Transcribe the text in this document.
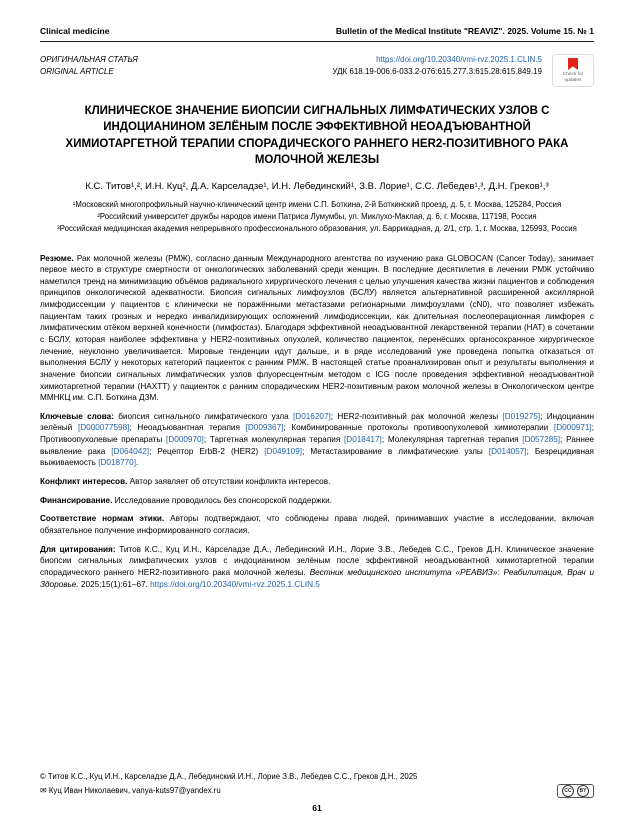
Clinical medicine	Bulletin of the Medical Institute "REAVIZ". 2025. Volume 15. № 1
ОРИГИНАЛЬНАЯ СТАТЬЯ
ORIGINAL ARTICLE
https://doi.org/10.20340/vmi-rvz.2025.1.CLIN.5
УДК 618.19-006.6-033.2-076:615.277.3:615.28:615.849.19	Check for updates
КЛИНИЧЕСКОЕ ЗНАЧЕНИЕ БИОПСИИ СИГНАЛЬНЫХ ЛИМФАТИЧЕСКИХ УЗЛОВ С ИНДОЦИАНИНОМ ЗЕЛЁНЫМ ПОСЛЕ ЭФФЕКТИВНОЙ НЕОАДЪЮВАНТНОЙ ХИМИОТАРГЕТНОЙ ТЕРАПИИ СПОРАДИЧЕСКОГО РАННЕГО HER2-ПОЗИТИВНОГО РАКА МОЛОЧНОЙ ЖЕЛЕЗЫ
К.С. Титов¹,², И.Н. Куц², Д.А. Карселадзе¹, И.Н. Лебединский¹, З.В. Лорие¹, С.С. Лебедев¹,³, Д.Н. Греков¹,³
¹Московский многопрофильный научно-клинический центр имени С.П. Боткина, 2-й Боткинский проезд, д. 5, г. Москва, 125284, Россия
²Российский университет дружбы народов имени Патриса Лумумбы, ул. Миклухо-Маклая, д. 6, г. Москва, 117198, Россия
³Российская медицинская академия непрерывного профессионального образования, ул. Баррикадная, д. 2/1, стр. 1, г. Москва, 125993, Россия

Резюме. Рак молочной железы (РМЖ), согласно данным Международного агентства по изучению рака GLOBOCAN (Cancer Today), занимает первое место в структуре смертности от онкологических заболеваний среди женщин. В последние десятилетия в лечении РМЖ устойчиво наметился тренд на минимизацию объёмов радикального хирургического лечения с целью улучшения качества жизни пациентов и соблюдения принципов онкологической адекватности. Биопсия сигнальных лимфоузлов (БСЛУ) является альтернативной расширенной аксиллярной лимфодиссекции у пациентов с клинически не поражёнными метастазами регионарными лимфоузлами (cN0), что позволяет избежать пациентам таких грозных и нередко инвалидизирующих осложнений лимфодиссекции, как длительная послеоперационная лимфорея с лимфатическим отёком верхней конечности (лимфостаз). Благодаря эффективной неоадъювантной лекарственной терапии (НАТ) в сочетании с БСЛУ, которая наиболее эффективна у HER2-позитивных опухолей, количество пациенток, перенёсших органосохранное хирургическое лечение, неуклонно увеличивается. Мировые тенденции идут дальше, и в ряде исследований уже проведена попытка отказаться от выполнения БСЛУ у некоторых категорий пациенток с ранним РМЖ. В настоящей статье проанализирован опыт и результаты выполнения и значение биопсии сигнальных лимфатических узлов флуоресцентным методом с ICG после проведения эффективной неоадъювантной химиотаргетной терапии (НАХТТ) у пациенток с ранним спорадическим HER2-позитивным раком молочной железы в Онкологическом центре ММНКЦ им. С.П. Боткина ДЗМ.

Ключевые слова: биопсия сигнального лимфатического узла [D016207]; HER2-позитивный рак молочной железы [D019275]; Индоцианин зелёный [D000077598]; Неоадъювантная терапия [D009367]; Комбинированные протоколы противоопухолевой химиотерапии [D000971]; Противоопухолевые препараты [D000970]; Таргетная молекулярная терапия [D018417]; Молекулярная таргетная терапия [D057285]; Раннее выявление рака [D064042]; Рецептор ErbB-2 (HER2) [D049109]; Метастазирование в лимфатические узлы [D014057]; Безрецидивная выживаемость [D018770].

Конфликт интересов. Автор заявляет об отсутствии конфликта интересов.

Финансирование. Исследование проводилось без спонсорской поддержки.

Соответствие нормам этики. Авторы подтверждают, что соблюдены права людей, принимавших участие в исследовании, включая обязательное получение информированного согласия.

Для цитирования: Титов К.С., Куц И.Н., Карселадзе Д.А., Лебединский И.Н., Лорие З.В., Лебедев С.С., Греков Д.Н. Клиническое значение биопсии сигнальных лимфатических узлов с индоцианином зелёным после эффективной неоадъювантной химиотаргетной терапии спорадического раннего HER2-позитивного рака молочной железы. Вестник медицинского института «РЕАВИЗ»: Реабилитация, Врач и Здоровье. 2025;15(1):61–67. https://doi.org/10.20340/vmi-rvz.2025.1.CLIN.5

© Титов К.С., Куц И.Н., Карселадзе Д.А., Лебединский И.Н., Лорие З.В., Лебедев С.С., Греков Д.Н., 2025
✉ Куц Иван Николаевич, vanya-kuts97@yandex.ru	CC	BY
61
